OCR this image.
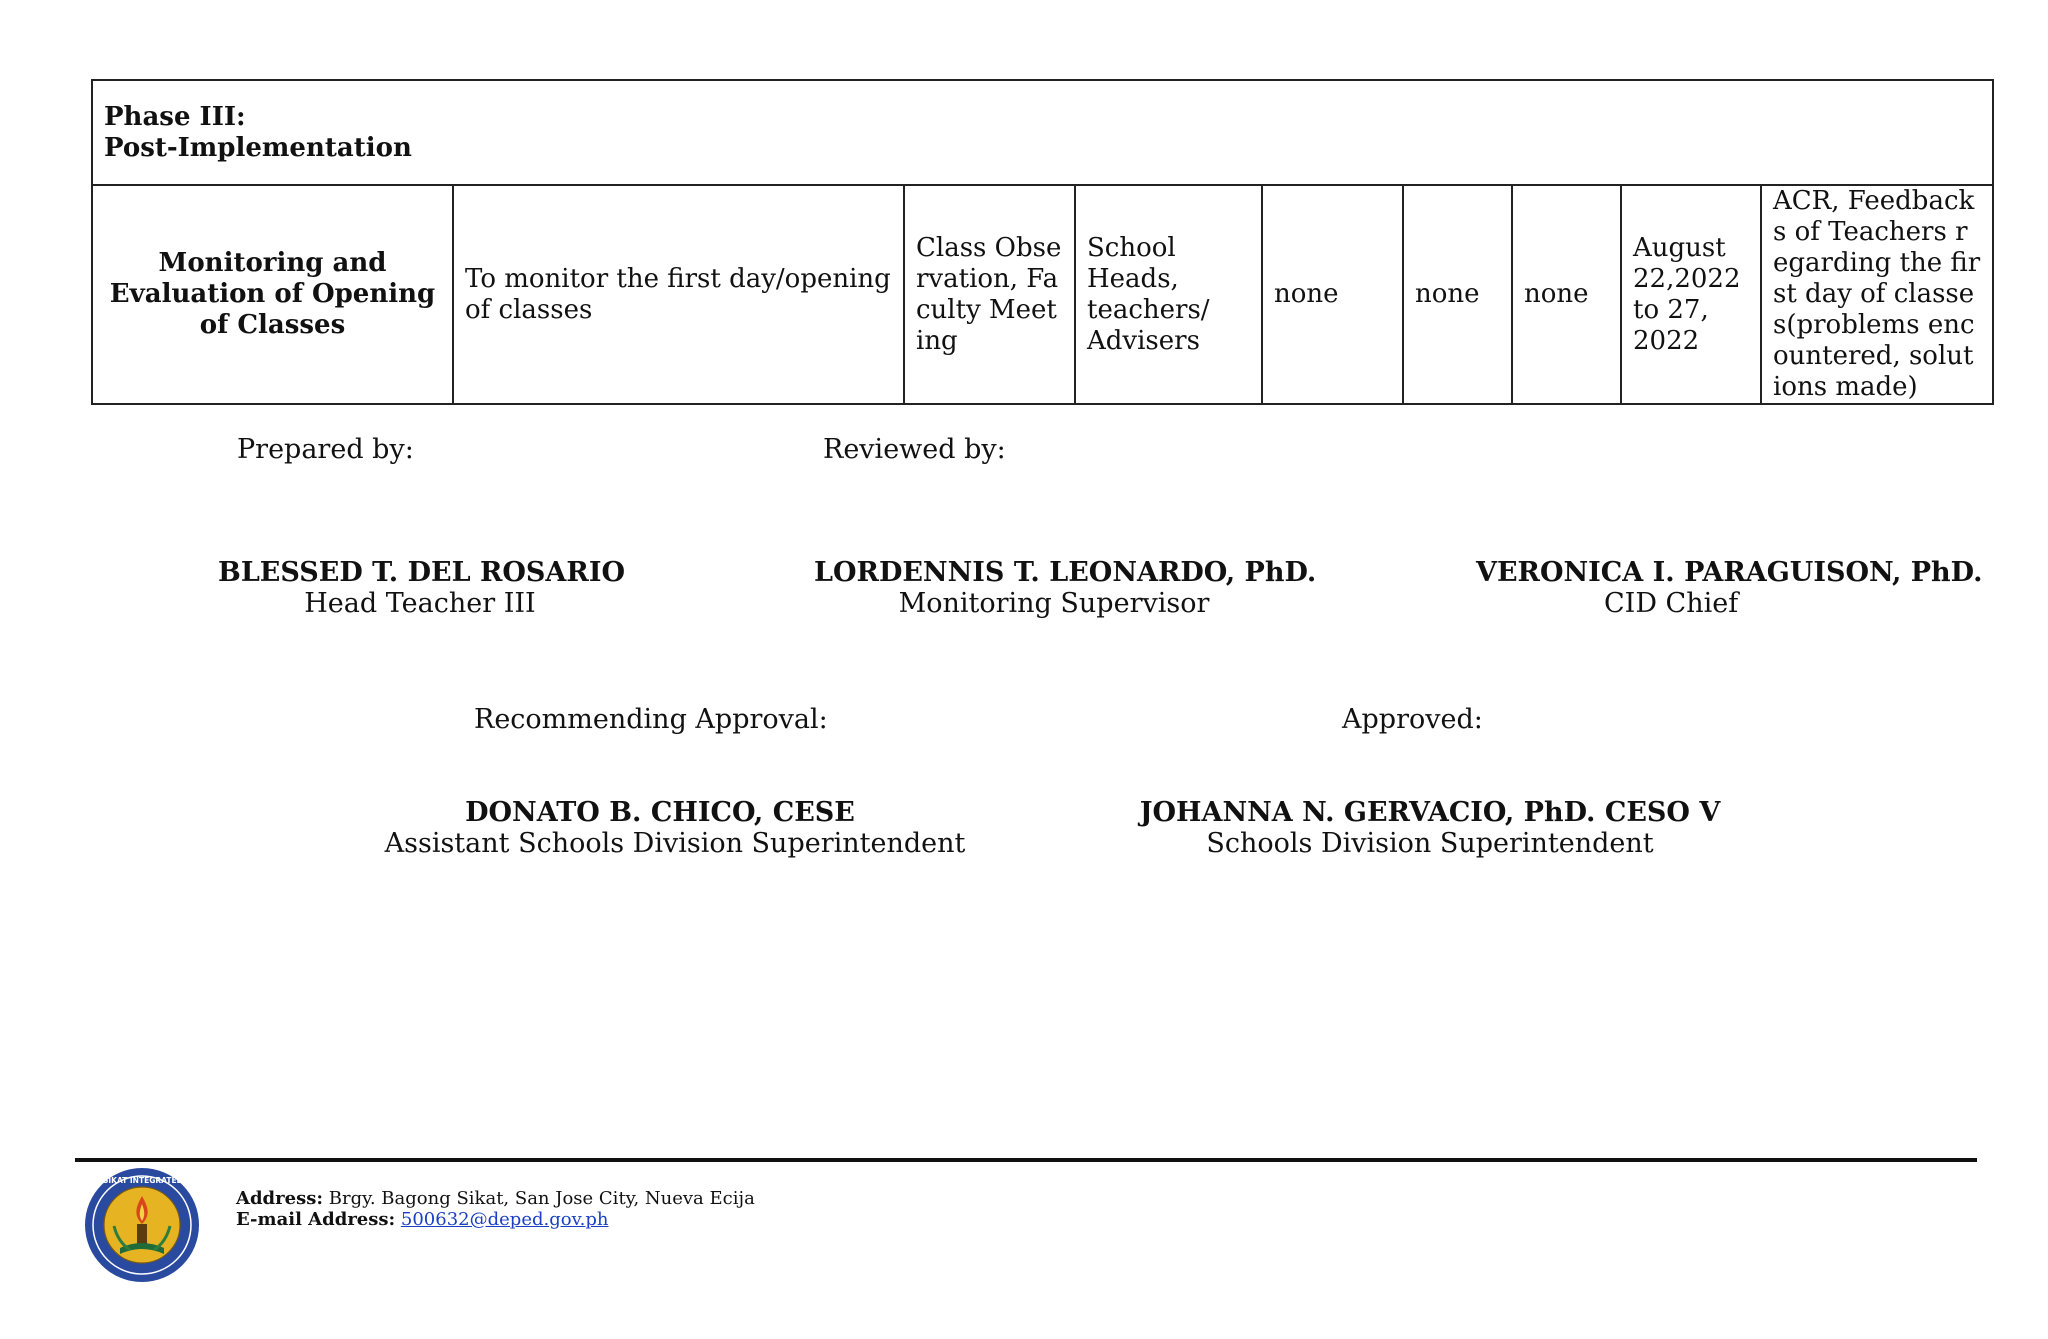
Phase III:
Post-Implementation

Monitoring and Evaluation of Opening of Classes	To monitor the first day/opening of classes	Class Observation, Faculty Meeting	School Heads, teachers/ Advisers	none	none	none	August 22,2022 to 27, 2022	ACR, Feedbacks of Teachers regarding the first day of classes(problems encountered, solutions made)
Prepared by:	Reviewed by:
BLESSED T. DEL ROSARIO
Head Teacher III
LORDENNIS T. LEONARDO, PhD.
Monitoring Supervisor
VERONICA I. PARAGUISON, PhD.
CID Chief
Recommending Approval:	Approved:
DONATO B. CHICO, CESE
Assistant Schools Division Superintendent
JOHANNA N. GERVACIO, PhD. CESO V
Schools Division Superintendent
BAGONG SIKAT INTEGRATED SCHOOL
Address: Brgy. Bagong Sikat, San Jose City, Nueva Ecija
E-mail Address: 500632@deped.gov.ph
